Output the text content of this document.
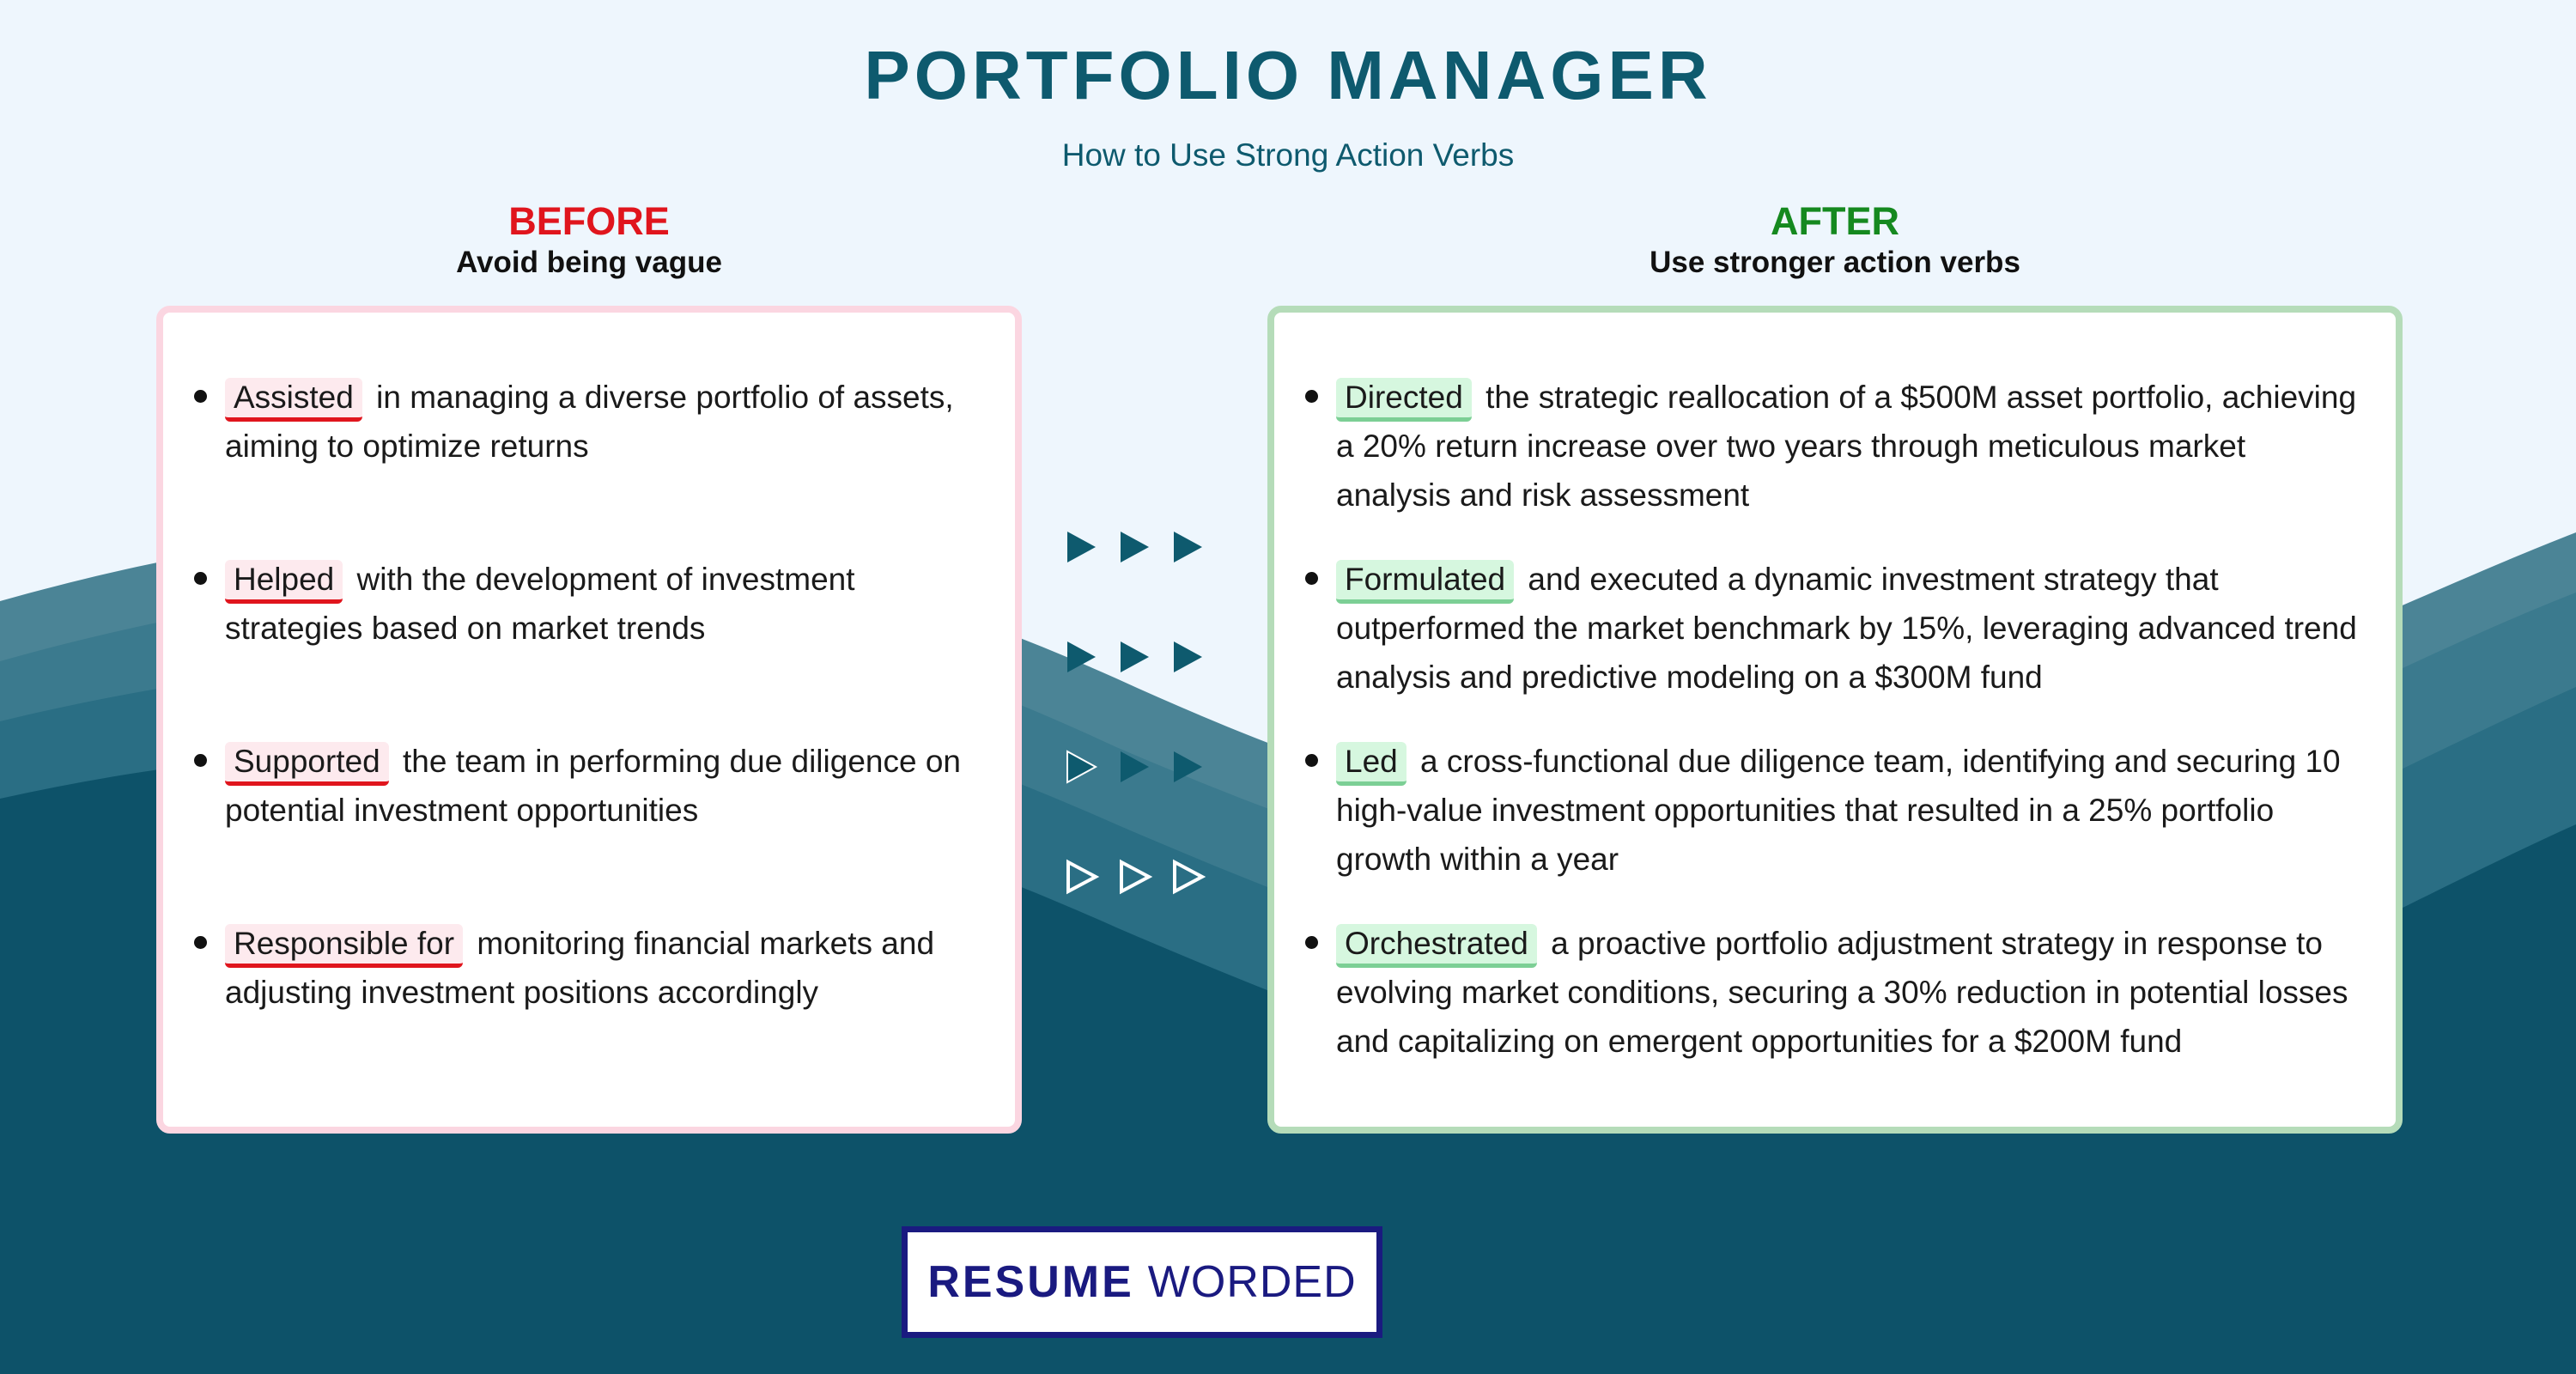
PORTFOLIO MANAGER
How to Use Strong Action Verbs
BEFORE
Avoid being vague
AFTER
Use stronger action verbs
Assisted in managing a diverse portfolio of assets, aiming to optimize returns
Helped with the development of investment strategies based on market trends
Supported the team in performing due diligence on potential investment opportunities
Responsible for monitoring financial markets and adjusting investment positions accordingly
Directed the strategic reallocation of a $500M asset portfolio, achieving a 20% return increase over two years through meticulous market analysis and risk assessment
Formulated and executed a dynamic investment strategy that outperformed the market benchmark by 15%, leveraging advanced trend analysis and predictive modeling on a $300M fund
Led a cross-functional due diligence team, identifying and securing 10 high-value investment opportunities that resulted in a 25% portfolio growth within a year
Orchestrated a proactive portfolio adjustment strategy in response to evolving market conditions, securing a 30% reduction in potential losses and capitalizing on emergent opportunities for a $200M fund
RESUME WORDED
